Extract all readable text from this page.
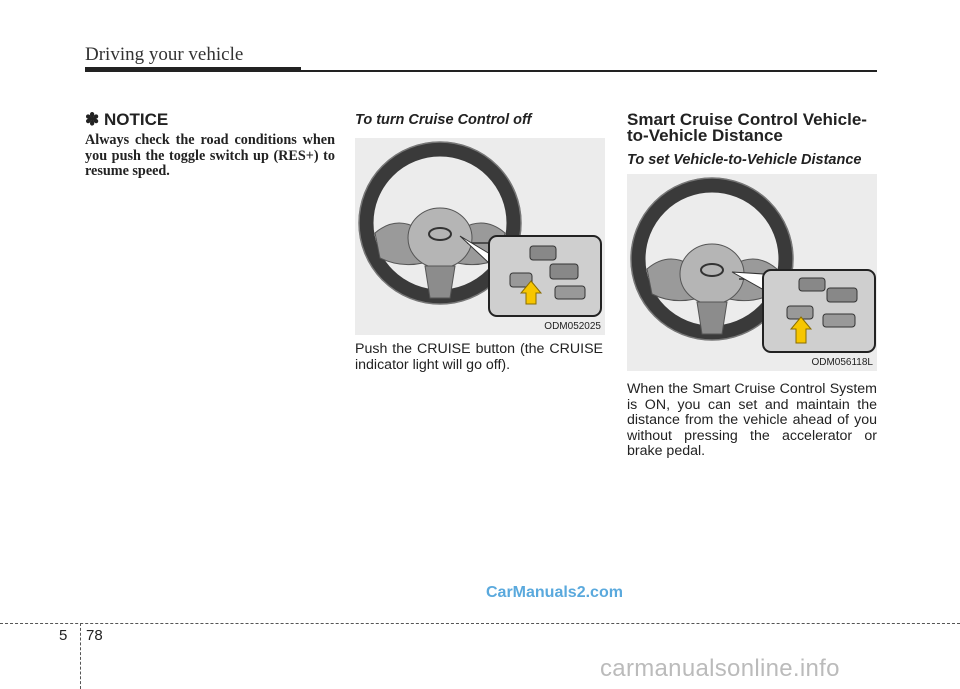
Driving your vehicle
✽ NOTICE
Always check the road conditions when you push the toggle switch up (RES+) to resume speed.
To turn Cruise Control off
ODM052025
Push the CRUISE button (the CRUISE indicator light will go off).
Smart Cruise Control Vehicle-to-Vehicle Distance
To set Vehicle-to-Vehicle Distance
ODM056118L
When the Smart Cruise Control System is ON, you can set and maintain the distance from the vehicle ahead of you without pressing the accelerator or brake pedal.
CarManuals2.com
5 78
carmanualsonline.info
